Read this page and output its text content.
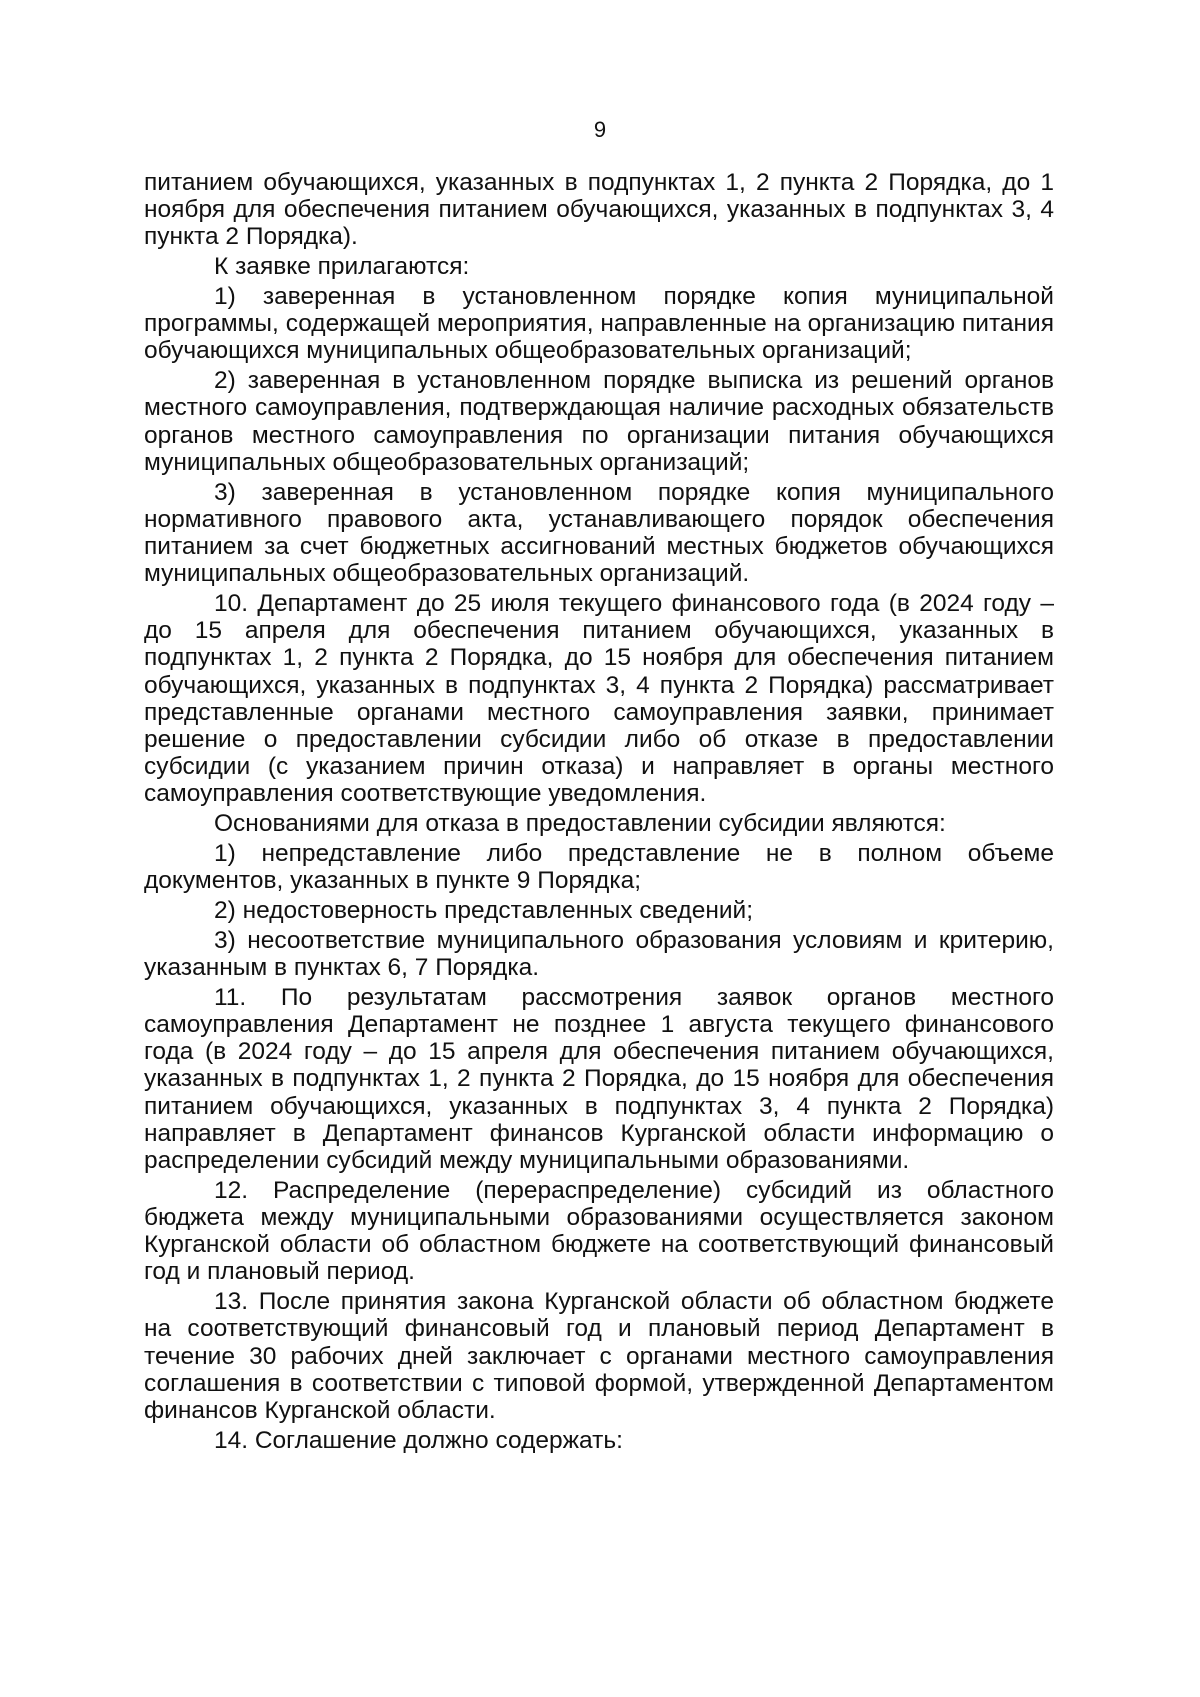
9

питанием обучающихся, указанных в подпунктах 1, 2 пункта 2 Порядка, до 1 ноября для обеспечения питанием обучающихся, указанных в подпунктах 3, 4 пункта 2 Порядка).

К заявке прилагаются:

1) заверенная в установленном порядке копия муниципальной программы, содержащей мероприятия, направленные на организацию питания обучающихся муниципальных общеобразовательных организаций;

2) заверенная в установленном порядке выписка из решений органов местного самоуправления, подтверждающая наличие расходных обязательств органов местного самоуправления по организации питания обучающихся муниципальных общеобразовательных организаций;

3) заверенная в установленном порядке копия муниципального нормативного правового акта, устанавливающего порядок обеспечения питанием за счет бюджетных ассигнований местных бюджетов обучающихся муниципальных общеобразовательных организаций.

10. Департамент до 25 июля текущего финансового года (в 2024 году – до 15 апреля для обеспечения питанием обучающихся, указанных в подпунктах 1, 2 пункта 2 Порядка, до 15 ноября для обеспечения питанием обучающихся, указанных в подпунктах 3, 4 пункта 2 Порядка) рассматривает представленные органами местного самоуправления заявки, принимает решение о предоставлении субсидии либо об отказе в предоставлении субсидии (с указанием причин отказа) и направляет в органы местного самоуправления соответствующие уведомления.

Основаниями для отказа в предоставлении субсидии являются:

1) непредставление либо представление не в полном объеме документов, указанных в пункте 9 Порядка;

2) недостоверность представленных сведений;

3) несоответствие муниципального образования условиям и критерию, указанным в пунктах 6, 7 Порядка.

11. По результатам рассмотрения заявок органов местного самоуправления Департамент не позднее 1 августа текущего финансового года (в 2024 году – до 15 апреля для обеспечения питанием обучающихся, указанных в подпунктах 1, 2 пункта 2 Порядка, до 15 ноября для обеспечения питанием обучающихся, указанных в подпунктах 3, 4 пункта 2 Порядка) направляет в Департамент финансов Курганской области информацию о распределении субсидий между муниципальными образованиями.

12. Распределение (перераспределение) субсидий из областного бюджета между муниципальными образованиями осуществляется законом Курганской области об областном бюджете на соответствующий финансовый год и плановый период.

13. После принятия закона Курганской области об областном бюджете на соответствующий финансовый год и плановый период Департамент в течение 30 рабочих дней заключает с органами местного самоуправления соглашения в соответствии с типовой формой, утвержденной Департаментом финансов Курганской области.

14. Соглашение должно содержать:
